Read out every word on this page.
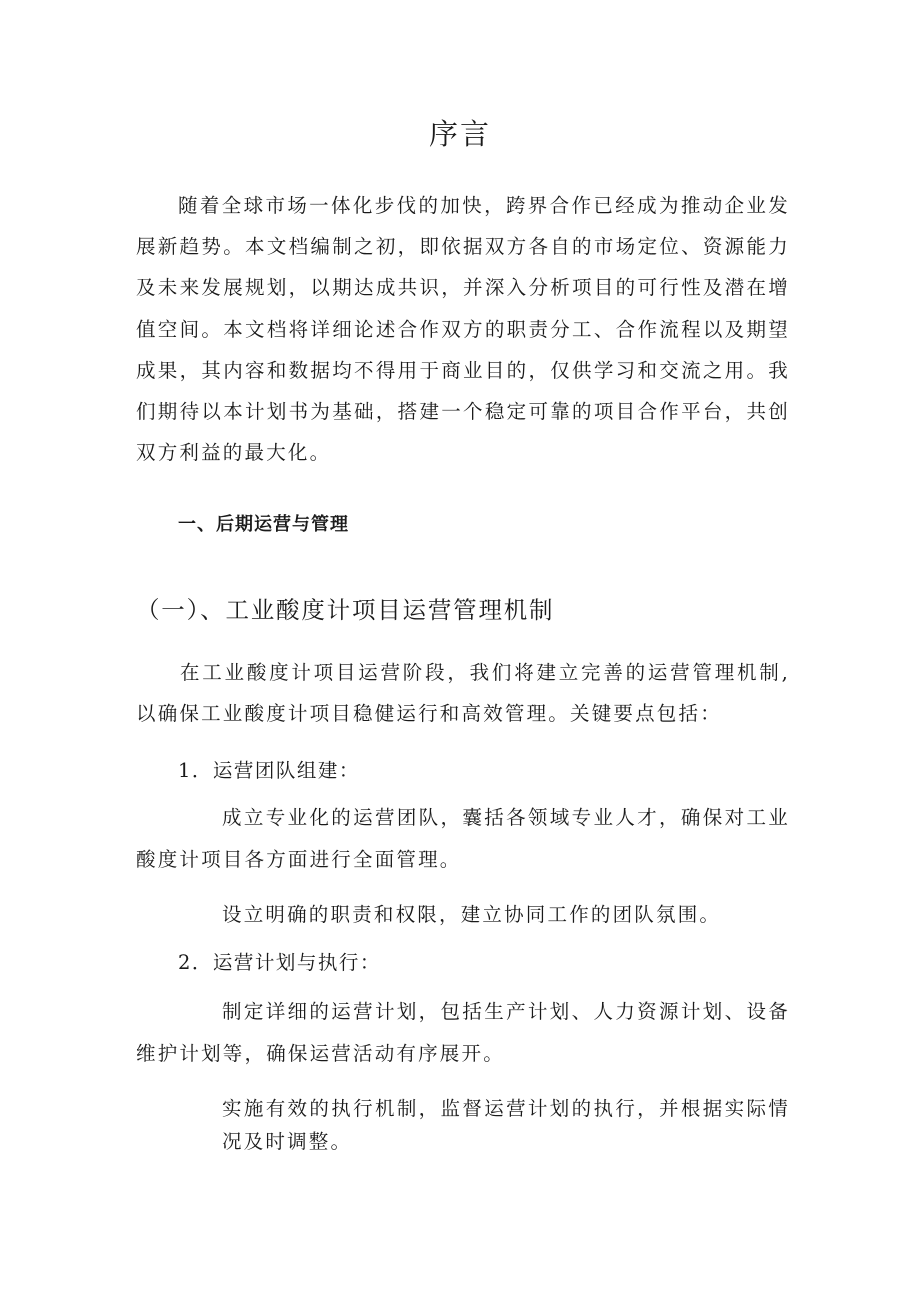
序言
随着全球市场一体化步伐的加快，跨界合作已经成为推动企业发展新趋势。本文档编制之初，即依据双方各自的市场定位、资源能力及未来发展规划，以期达成共识，并深入分析项目的可行性及潜在增值空间。本文档将详细论述合作双方的职责分工、合作流程以及期望成果，其内容和数据均不得用于商业目的，仅供学习和交流之用。我们期待以本计划书为基础，搭建一个稳定可靠的项目合作平台，共创双方利益的最大化。
一、后期运营与管理
（一）、工业酸度计项目运营管理机制
在工业酸度计项目运营阶段，我们将建立完善的运营管理机制,以确保工业酸度计项目稳健运行和高效管理。关键要点包括：
1．运营团队组建：
成立专业化的运营团队，囊括各领域专业人才，确保对工业酸度计项目各方面进行全面管理。
设立明确的职责和权限，建立协同工作的团队氛围。
2．运营计划与执行：
制定详细的运营计划，包括生产计划、人力资源计划、设备维护计划等，确保运营活动有序展开。
实施有效的执行机制，监督运营计划的执行，并根据实际情况及时调整。
